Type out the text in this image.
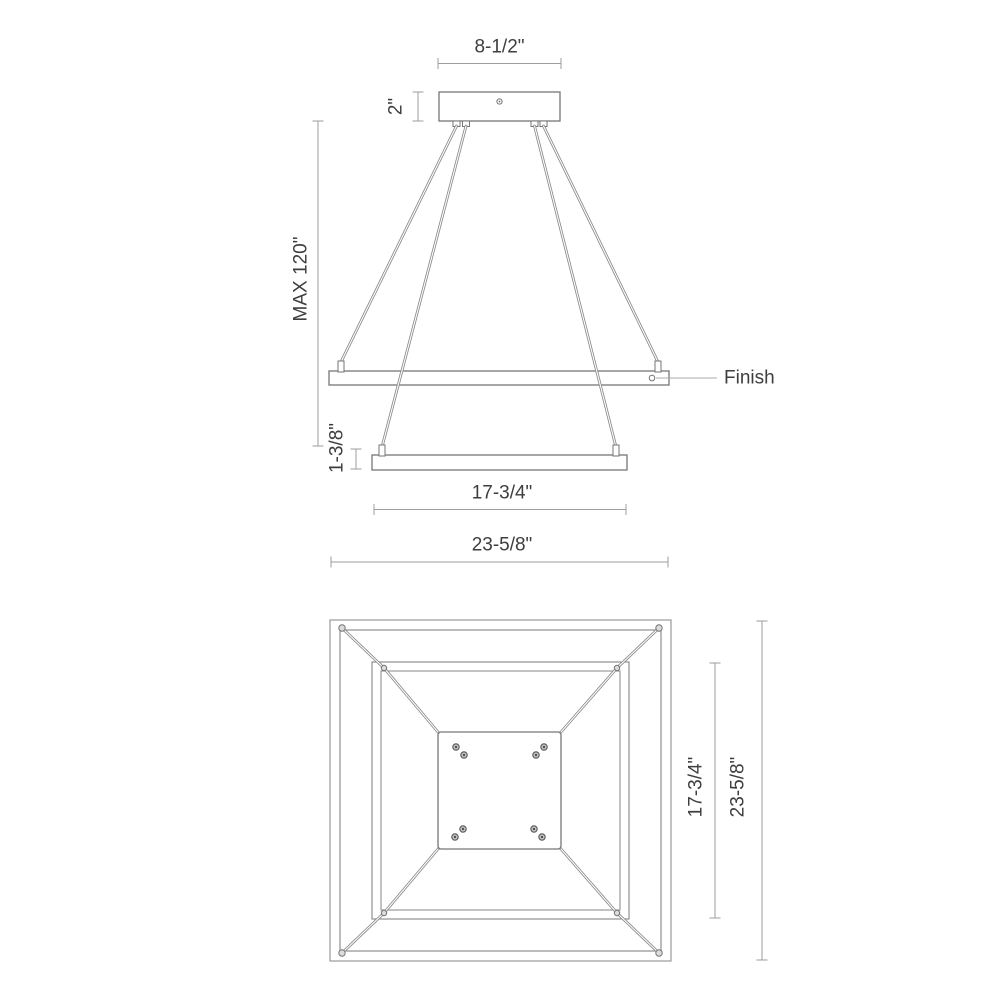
8-1/2"
2"
MAX 120"
Finish
1-3/8"
17-3/4"
23-5/8"
17-3/4" 23-5/8"
